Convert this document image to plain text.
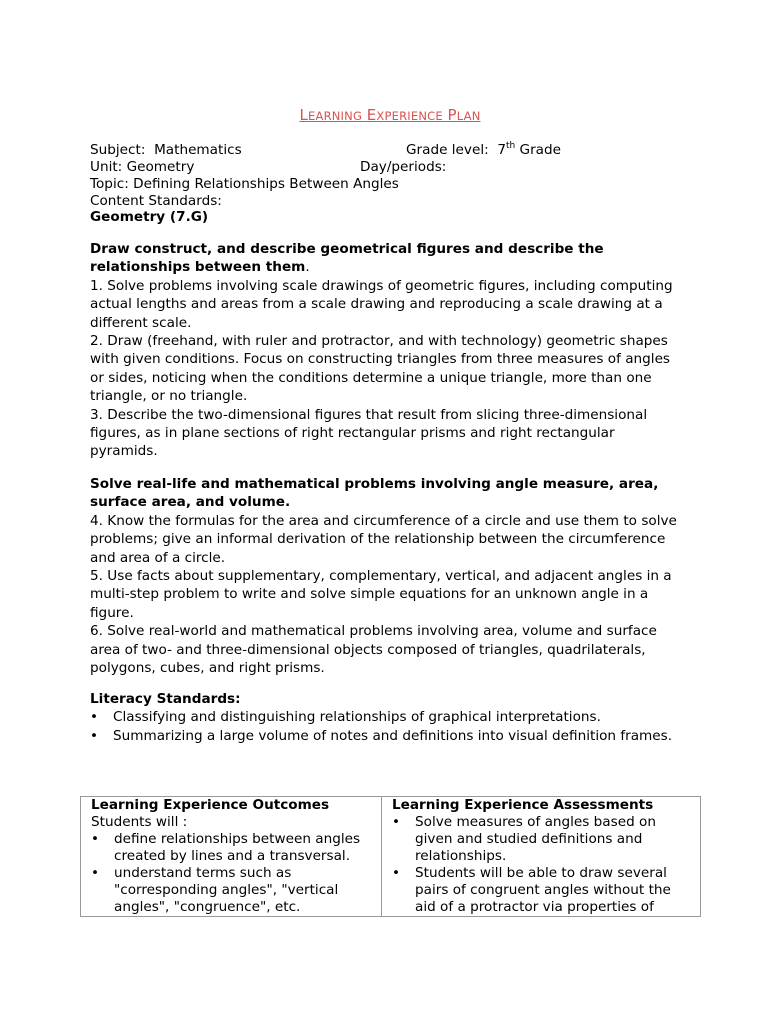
LEARNING EXPERIENCE PLAN
Subject: Mathematics	Grade level: 7th Grade
Unit: Geometry	Day/periods:
Topic: Defining Relationships Between Angles
Content Standards:
Geometry (7.G)

Draw construct, and describe geometrical figures and describe the relationships between them.

1. Solve problems involving scale drawings of geometric figures, including computing actual lengths and areas from a scale drawing and reproducing a scale drawing at a different scale.

2. Draw (freehand, with ruler and protractor, and with technology) geometric shapes with given conditions. Focus on constructing triangles from three measures of angles or sides, noticing when the conditions determine a unique triangle, more than one triangle, or no triangle.

3. Describe the two-dimensional figures that result from slicing three-dimensional figures, as in plane sections of right rectangular prisms and right rectangular pyramids.

Solve real-life and mathematical problems involving angle measure, area, surface area, and volume.

4. Know the formulas for the area and circumference of a circle and use them to solve problems; give an informal derivation of the relationship between the circumference and area of a circle.

5. Use facts about supplementary, complementary, vertical, and adjacent angles in a multi-step problem to write and solve simple equations for an unknown angle in a figure.

6. Solve real-world and mathematical problems involving area, volume and surface area of two- and three-dimensional objects composed of triangles, quadrilaterals, polygons, cubes, and right prisms.

Literacy Standards:

• Classifying and distinguishing relationships of graphical interpretations.
• Summarizing a large volume of notes and definitions into visual definition frames.
Learning Experience Outcomes
Students will :
• define relationships between angles created by lines and a transversal.
• understand terms such as "corresponding angles", "vertical angles", "congruence", etc.

Learning Experience Assessments
• Solve measures of angles based on given and studied definitions and relationships.
• Students will be able to draw several pairs of congruent angles without the aid of a protractor via properties of
